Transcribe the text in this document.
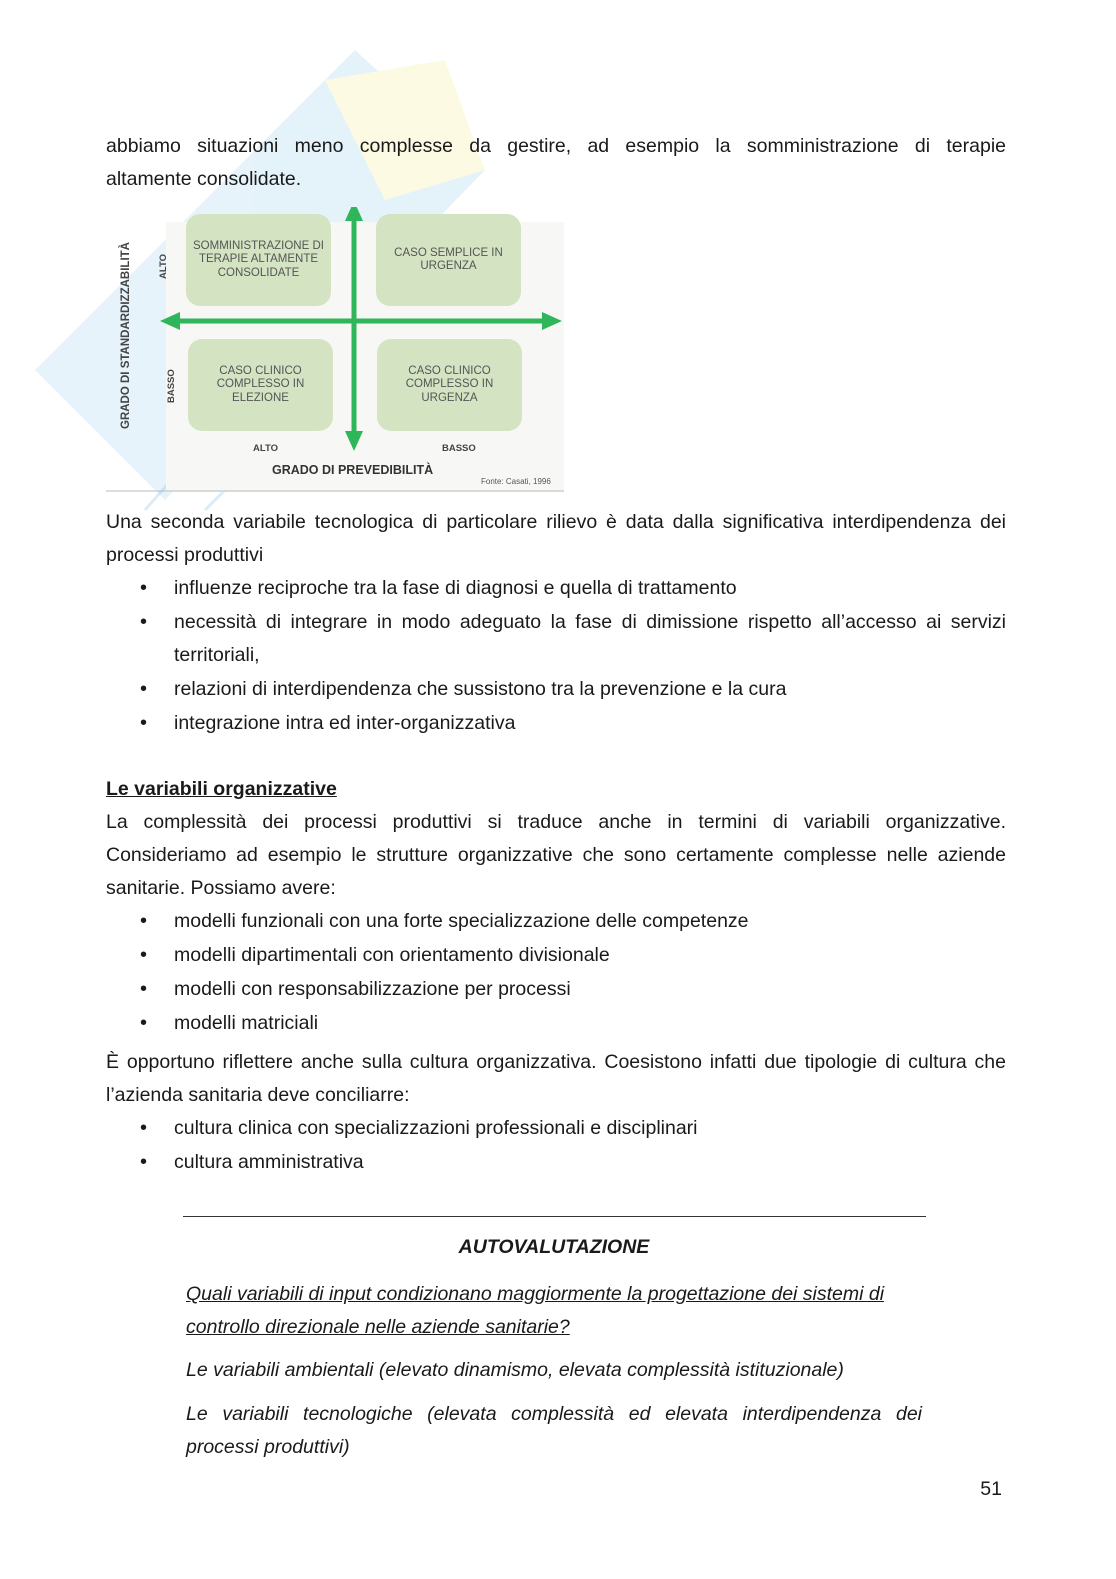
abbiamo situazioni meno complesse da gestire, ad esempio la somministrazione di terapie

altamente consolidate.

SOMMINISTRAZIONE DI TERAPIE ALTAMENTE CONSOLIDATE
CASO SEMPLICE IN URGENZA
CASO CLINICO COMPLESSO IN ELEZIONE
CASO CLINICO COMPLESSO IN URGENZA
GRADO DI STANDARDIZZABILITÀ	ALTO
BASSO
ALTO	BASSO
GRADO DI PREVEDIBILITÀ
Fonte: Casati, 1996

Una seconda variabile tecnologica di particolare rilievo è data dalla significativa interdipendenza dei processi produttivi

• influenze reciproche tra la fase di diagnosi e quella di trattamento
• necessità di integrare in modo adeguato la fase di dimissione rispetto all’accesso ai servizi territoriali,
• relazioni di interdipendenza che sussistono tra la prevenzione e la cura
• integrazione intra ed inter-organizzativa

Le variabili organizzative

La complessità dei processi produttivi si traduce anche in termini di variabili organizzative. Consideriamo ad esempio le strutture organizzative che sono certamente complesse nelle aziende sanitarie. Possiamo avere:

• modelli funzionali con una forte specializzazione delle competenze
• modelli dipartimentali con orientamento divisionale
• modelli con responsabilizzazione per processi
• modelli matriciali

È opportuno riflettere anche sulla cultura organizzativa. Coesistono infatti due tipologie di cultura che l’azienda sanitaria deve conciliarre:

• cultura clinica con specializzazioni professionali e disciplinari
• cultura amministrativa
AUTOVALUTAZIONE

Quali variabili di input condizionano maggiormente la progettazione dei sistemi di controllo direzionale nelle aziende sanitarie?

Le variabili ambientali (elevato dinamismo, elevata complessità istituzionale)

Le variabili tecnologiche (elevata complessità ed elevata interdipendenza dei processi produttivi)

51
